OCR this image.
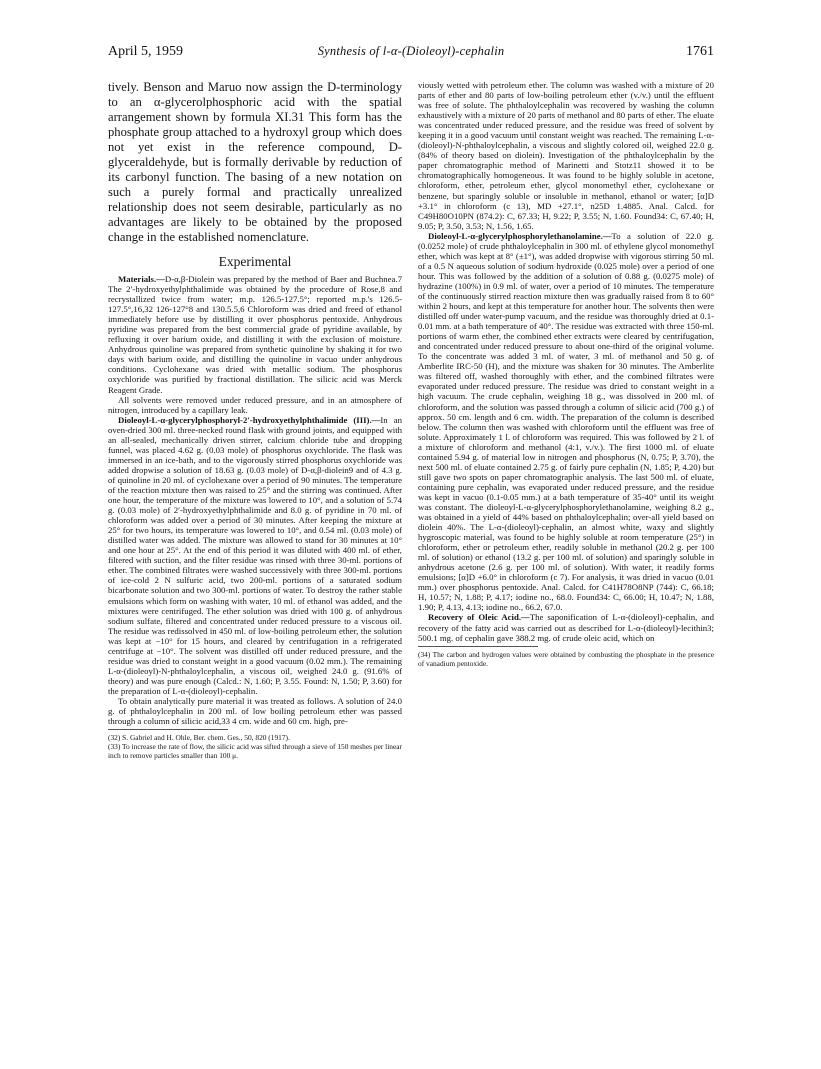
April 5, 1959	Synthesis of l-α-(Dioleoyl)-cephalin	1761

tively. Benson and Maruo now assign the D-terminology to an α-glycerolphosphoric acid with the spatial arrangement shown by formula XI.31 This form has the phosphate group attached to a hydroxyl group which does not yet exist in the reference compound, D-glyceraldehyde, but is formally derivable by reduction of its carbonyl function. The basing of a new notation on such a purely formal and practically unrealized relationship does not seem desirable, particularly as no advantages are likely to be obtained by the proposed change in the established nomenclature.

Experimental

Materials.—D-α,β-Diolein was prepared by the method of Baer and Buchnea.7 The 2′-hydroxyethylphthalimide was obtained by the procedure of Rose,8 and recrystallized twice from water; m.p. 126.5-127.5°; reported m.p.'s 126.5-127.5°,16,32 126-127°8 and 130.5.5,6 Chloroform was dried and freed of ethanol immediately before use by distilling it over phosphorus pentoxide. Anhydrous pyridine was prepared from the best commercial grade of pyridine available, by refluxing it over barium oxide, and distilling it with the exclusion of moisture. Anhydrous quinoline was prepared from synthetic quinoline by shaking it for two days with barium oxide, and distilling the quinoline in vacuo under anhydrous conditions. Cyclohexane was dried with metallic sodium. The phosphorus oxychloride was purified by fractional distillation. The silicic acid was Merck Reagent Grade.

All solvents were removed under reduced pressure, and in an atmosphere of nitrogen, introduced by a capillary leak.

Dioleoyl-L-α-glycerylphosphoryl-2′-hydroxyethylphthalimide (III).—In an oven-dried 300 ml. three-necked round flask with ground joints, and equipped with an all-sealed, mechanically driven stirrer, calcium chloride tube and dropping funnel, was placed 4.62 g. (0.03 mole) of phosphorus oxychloride. The flask was immersed in an ice-bath, and to the vigorously stirred phosphorus oxychloride was added dropwise a solution of 18.63 g. (0.03 mole) of D-α,β-diolein9 and of 4.3 g. of quinoline in 20 ml. of cyclohexane over a period of 90 minutes. The temperature of the reaction mixture then was raised to 25° and the stirring was continued. After one hour, the temperature of the mixture was lowered to 10°, and a solution of 5.74 g. (0.03 mole) of 2′-hydroxyethylphthalimide and 8.0 g. of pyridine in 70 ml. of chloroform was added over a period of 30 minutes. After keeping the mixture at 25° for two hours, its temperature was lowered to 10°, and 0.54 ml. (0.03 mole) of distilled water was added. The mixture was allowed to stand for 30 minutes at 10° and one hour at 25°. At the end of this period it was diluted with 400 ml. of ether, filtered with suction, and the filter residue was rinsed with three 30-ml. portions of ether. The combined filtrates were washed successively with three 300-ml. portions of ice-cold 2 N sulfuric acid, two 200-ml. portions of a saturated sodium bicarbonate solution and two 300-ml. portions of water. To destroy the rather stable emulsions which form on washing with water, 10 ml. of ethanol was added, and the mixtures were centrifuged. The ether solution was dried with 100 g. of anhydrous sodium sulfate, filtered and concentrated under reduced pressure to a viscous oil. The residue was redissolved in 450 ml. of low-boiling petroleum ether, the solution was kept at −10° for 15 hours, and cleared by centrifugation in a refrigerated centrifuge at −10°. The solvent was distilled off under reduced pressure, and the residue was dried to constant weight in a good vacuum (0.02 mm.). The remaining L-α-(dioleoyl)-N-phthaloylcephalin, a viscous oil, weighed 24.0 g. (91.6% of theory) and was pure enough (Calcd.: N, 1.60; P, 3.55. Found: N, 1.50; P, 3.60) for the preparation of L-α-(dioleoyl)-cephalin.

To obtain analytically pure material it was treated as follows. A solution of 24.0 g. of phthaloylcephalin in 200 ml. of low boiling petroleum ether was passed through a column of silicic acid,33 4 cm. wide and 60 cm. high, pre-

(32) S. Gabriel and H. Ohle, Ber. chem. Ges., 50, 820 (1917).

(33) To increase the rate of flow, the silicic acid was sifted through a sieve of 150 meshes per linear inch to remove particles smaller than 100 μ.

viously wetted with petroleum ether. The column was washed with a mixture of 20 parts of ether and 80 parts of low-boiling petroleum ether (v./v.) until the effluent was free of solute. The phthaloylcephalin was recovered by washing the column exhaustively with a mixture of 20 parts of methanol and 80 parts of ether. The eluate was concentrated under reduced pressure, and the residue was freed of solvent by keeping it in a good vacuum until constant weight was reached. The remaining L-α-(dioleoyl)-N-phthaloylcephalin, a viscous and slightly colored oil, weighed 22.0 g. (84% of theory based on diolein). Investigation of the phthaloylcephalin by the paper chromatographic method of Marinetti and Stotz11 showed it to be chromatographically homogeneous. It was found to be highly soluble in acetone, chloroform, ether, petroleum ether, glycol monomethyl ether, cyclohexane or benzene, but sparingly soluble or insoluble in methanol, ethanol or water; [α]D +3.1° in chloroform (c 13), MD +27.1°, n25D 1.4885. Anal. Calcd. for C49H80O10PN (874.2): C, 67.33; H, 9.22; P, 3.55; N, 1.60. Found34: C, 67.40; H, 9.05; P, 3.50, 3.53; N, 1.56, 1.65.

Dioleoyl-L-α-glycerylphosphorylethanolamine.—To a solution of 22.0 g. (0.0252 mole) of crude phthaloylcephalin in 300 ml. of ethylene glycol monomethyl ether, which was kept at 8° (±1°), was added dropwise with vigorous stirring 50 ml. of a 0.5 N aqueous solution of sodium hydroxide (0.025 mole) over a period of one hour. This was followed by the addition of a solution of 0.88 g. (0.0275 mole) of hydrazine (100%) in 0.9 ml. of water, over a period of 10 minutes. The temperature of the continuously stirred reaction mixture then was gradually raised from 8 to 60° within 2 hours, and kept at this temperature for another hour. The solvents then were distilled off under water-pump vacuum, and the residue was thoroughly dried at 0.1-0.01 mm. at a bath temperature of 40°. The residue was extracted with three 150-ml. portions of warm ether, the combined ether extracts were cleared by centrifugation, and concentrated under reduced pressure to about one-third of the original volume. To the concentrate was added 3 ml. of water, 3 ml. of methanol and 50 g. of Amberlite IRC-50 (H), and the mixture was shaken for 30 minutes. The Amberlite was filtered off, washed thoroughly with ether, and the combined filtrates were evaporated under reduced pressure. The residue was dried to constant weight in a high vacuum. The crude cephalin, weighing 18 g., was dissolved in 200 ml. of chloroform, and the solution was passed through a column of silicic acid (700 g.) of approx. 50 cm. length and 6 cm. width. The preparation of the column is described below. The column then was washed with chloroform until the effluent was free of solute. Approximately 1 l. of chloroform was required. This was followed by 2 l. of a mixture of chloroform and methanol (4:1, v./v.). The first 1000 ml. of eluate contained 5.94 g. of material low in nitrogen and phosphorus (N, 0.75; P, 3.70), the next 500 ml. of eluate contained 2.75 g. of fairly pure cephalin (N, 1.85; P, 4.20) but still gave two spots on paper chromatographic analysis. The last 500 ml. of eluate, containing pure cephalin, was evaporated under reduced pressure, and the residue was kept in vacuo (0.1-0.05 mm.) at a bath temperature of 35-40° until its weight was constant. The dioleoyl-L-α-glycerylphosphorylethanolamine, weighing 8.2 g., was obtained in a yield of 44% based on phthaloylcephalin; over-all yield based on diolein 40%. The L-α-(dioleoyl)-cephalin, an almost white, waxy and slightly hygroscopic material, was found to be highly soluble at room temperature (25°) in chloroform, ether or petroleum ether, readily soluble in methanol (20.2 g. per 100 ml. of solution) or ethanol (13.2 g. per 100 ml. of solution) and sparingly soluble in anhydrous acetone (2.6 g. per 100 ml. of solution). With water, it readily forms emulsions; [α]D +6.0° in chloroform (c 7). For analysis, it was dried in vacuo (0.01 mm.) over phosphorus pentoxide. Anal. Calcd. for C41H78O8NP (744): C, 66.18; H, 10.57; N, 1.88; P, 4.17; iodine no., 68.0. Found34: C, 66.00; H, 10.47; N, 1.88, 1.90; P, 4.13, 4.13; iodine no., 66.2, 67.0.

Recovery of Oleic Acid.—The saponification of L-α-(dioleoyl)-cephalin, and recovery of the fatty acid was carried out as described for L-α-(dioleoyl)-lecithin3; 500.1 mg. of cephalin gave 388.2 mg. of crude oleic acid, which on

(34) The carbon and hydrogen values were obtained by combusting the phosphate in the presence of vanadium pentoxide.
